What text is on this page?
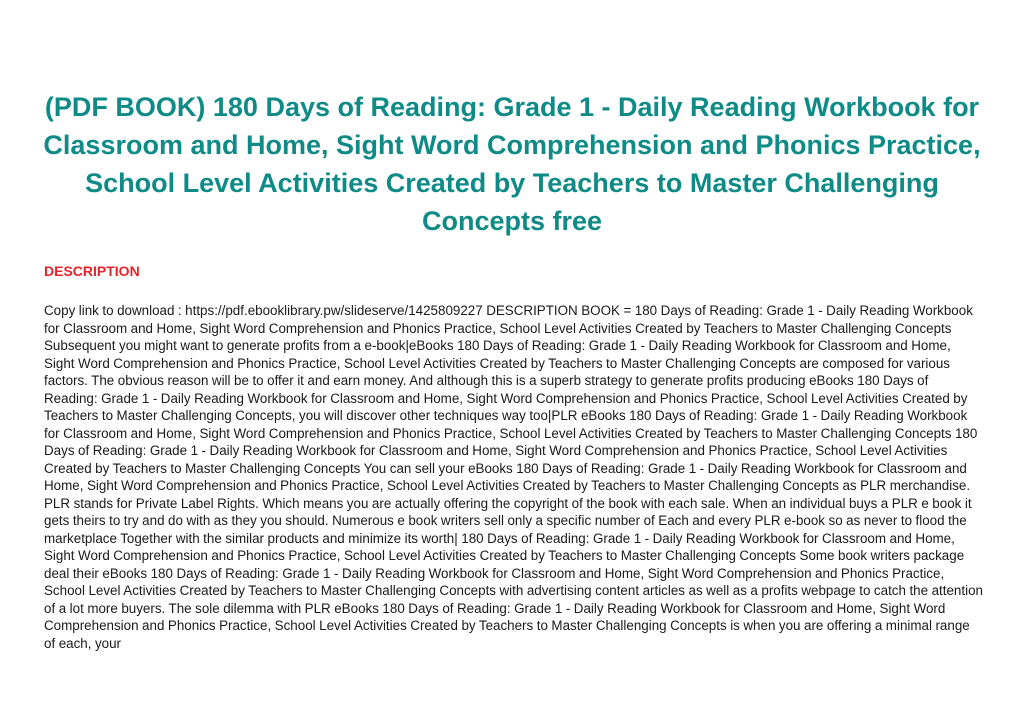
(PDF BOOK) 180 Days of Reading: Grade 1 - Daily Reading Workbook for Classroom and Home, Sight Word Comprehension and Phonics Practice, School Level Activities Created by Teachers to Master Challenging Concepts free
DESCRIPTION

Copy link to download : https://pdf.ebooklibrary.pw/slideserve/1425809227 DESCRIPTION BOOK = 180 Days of Reading: Grade 1 - Daily Reading Workbook for Classroom and Home, Sight Word Comprehension and Phonics Practice, School Level Activities Created by Teachers to Master Challenging Concepts Subsequent you might want to generate profits from a e-book|eBooks 180 Days of Reading: Grade 1 - Daily Reading Workbook for Classroom and Home, Sight Word Comprehension and Phonics Practice, School Level Activities Created by Teachers to Master Challenging Concepts are composed for various factors. The obvious reason will be to offer it and earn money. And although this is a superb strategy to generate profits producing eBooks 180 Days of Reading: Grade 1 - Daily Reading Workbook for Classroom and Home, Sight Word Comprehension and Phonics Practice, School Level Activities Created by Teachers to Master Challenging Concepts, you will discover other techniques way too|PLR eBooks 180 Days of Reading: Grade 1 - Daily Reading Workbook for Classroom and Home, Sight Word Comprehension and Phonics Practice, School Level Activities Created by Teachers to Master Challenging Concepts 180 Days of Reading: Grade 1 - Daily Reading Workbook for Classroom and Home, Sight Word Comprehension and Phonics Practice, School Level Activities Created by Teachers to Master Challenging Concepts You can sell your eBooks 180 Days of Reading: Grade 1 - Daily Reading Workbook for Classroom and Home, Sight Word Comprehension and Phonics Practice, School Level Activities Created by Teachers to Master Challenging Concepts as PLR merchandise. PLR stands for Private Label Rights. Which means you are actually offering the copyright of the book with each sale. When an individual buys a PLR e book it gets theirs to try and do with as they you should. Numerous e book writers sell only a specific number of Each and every PLR e-book so as never to flood the marketplace Together with the similar products and minimize its worth| 180 Days of Reading: Grade 1 - Daily Reading Workbook for Classroom and Home, Sight Word Comprehension and Phonics Practice, School Level Activities Created by Teachers to Master Challenging Concepts Some book writers package deal their eBooks 180 Days of Reading: Grade 1 - Daily Reading Workbook for Classroom and Home, Sight Word Comprehension and Phonics Practice, School Level Activities Created by Teachers to Master Challenging Concepts with advertising content articles as well as a profits webpage to catch the attention of a lot more buyers. The sole dilemma with PLR eBooks 180 Days of Reading: Grade 1 - Daily Reading Workbook for Classroom and Home, Sight Word Comprehension and Phonics Practice, School Level Activities Created by Teachers to Master Challenging Concepts is when you are offering a minimal range of each, your
